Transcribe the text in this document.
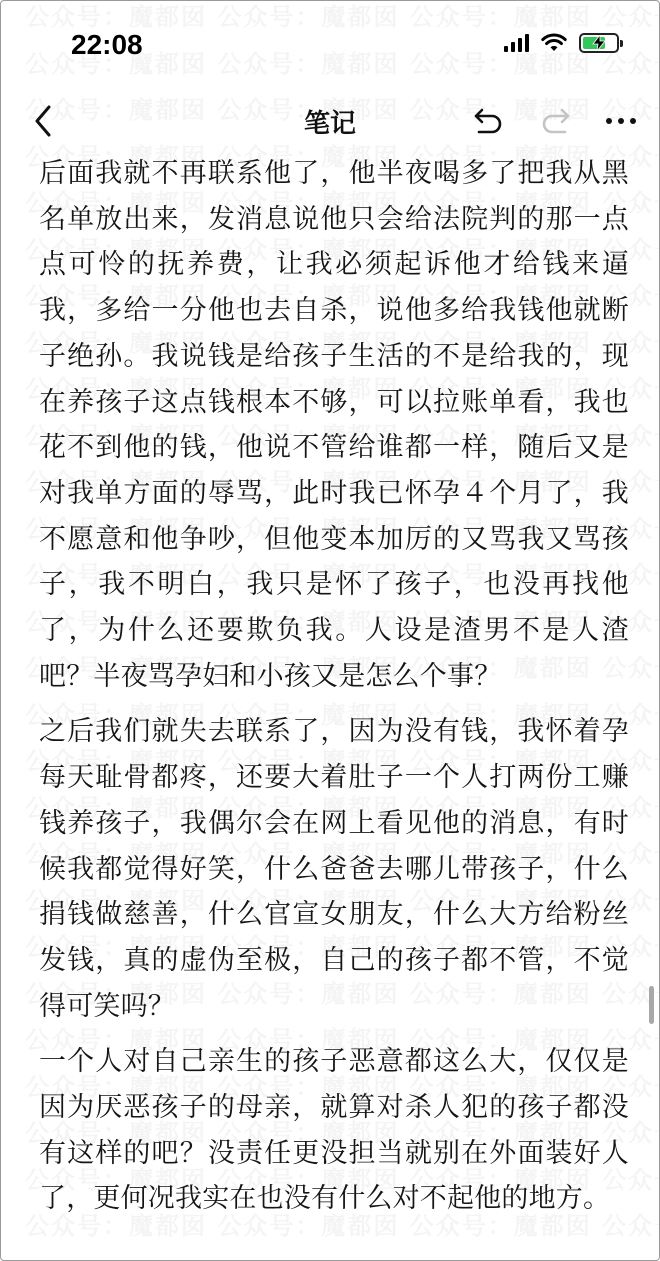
22:08
笔记

后面我就不再联系他了，他半夜喝多了把我从黑名单放出来，发消息说他只会给法院判的那一点点可怜的抚养费，让我必须起诉他才给钱来逼我，多给一分他也去自杀，说他多给我钱他就断子绝孙。我说钱是给孩子生活的不是给我的，现在养孩子这点钱根本不够，可以拉账单看，我也花不到他的钱，他说不管给谁都一样，随后又是对我单方面的辱骂，此时我已怀孕４个月了，我不愿意和他争吵，但他变本加厉的又骂我又骂孩子，我不明白，我只是怀了孩子，也没再找他了，为什么还要欺负我。人设是渣男不是人渣吧？半夜骂孕妇和小孩又是怎么个事？

之后我们就失去联系了，因为没有钱，我怀着孕每天耻骨都疼，还要大着肚子一个人打两份工赚钱养孩子，我偶尔会在网上看见他的消息，有时候我都觉得好笑，什么爸爸去哪儿带孩子，什么捐钱做慈善，什么官宣女朋友，什么大方给粉丝发钱，真的虚伪至极，自己的孩子都不管，不觉得可笑吗？

一个人对自己亲生的孩子恶意都这么大，仅仅是因为厌恶孩子的母亲，就算对杀人犯的孩子都没有这样的吧？没责任更没担当就别在外面装好人了，更何况我实在也没有什么对不起他的地方。
